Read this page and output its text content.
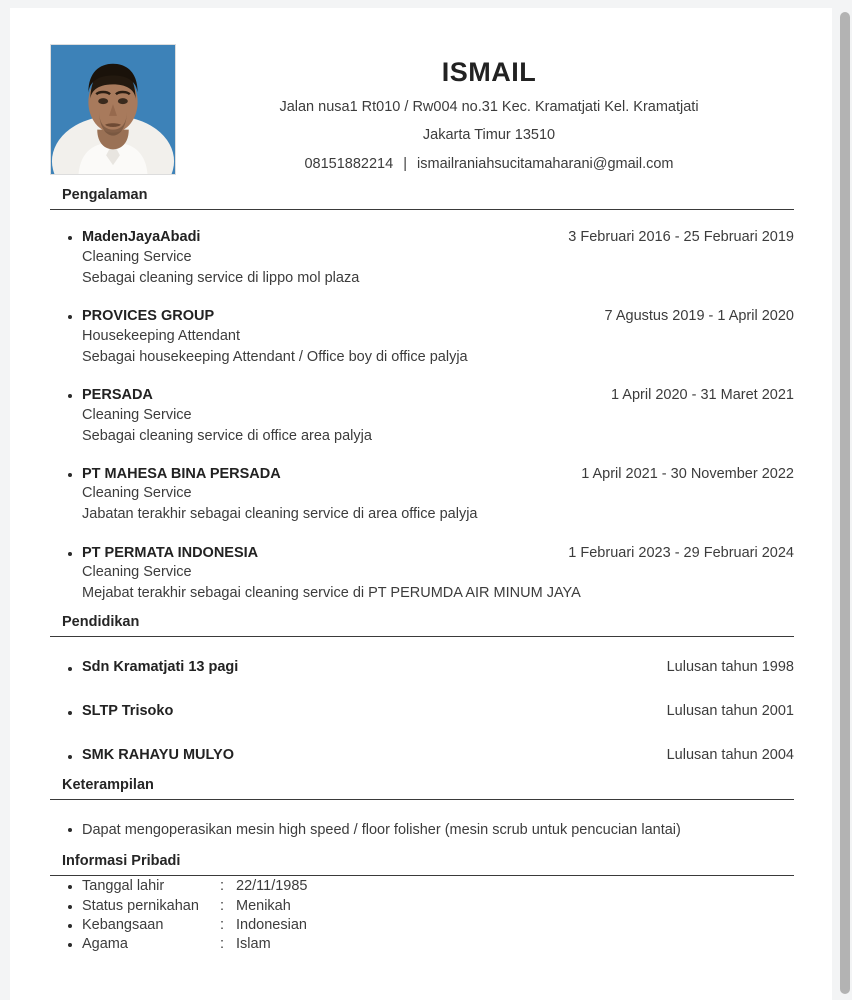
ISMAIL
Jalan nusa1 Rt010 / Rw004 no.31 Kec. Kramatjati Kel. Kramatjati
Jakarta Timur 13510
08151882214 | ismailraniahsucitamaharani@gmail.com
Pengalaman
MadenJayaAbadi	3 Februari 2016 - 25 Februari 2019
Cleaning Service
Sebagai cleaning service di lippo mol plaza
PROVICES GROUP	7 Agustus 2019 - 1 April 2020
Housekeeping Attendant
Sebagai housekeeping Attendant / Office boy di office palyja
PERSADA	1 April 2020 - 31 Maret 2021
Cleaning Service
Sebagai cleaning service di office area palyja
PT MAHESA BINA PERSADA	1 April 2021 - 30 November 2022
Cleaning Service
Jabatan terakhir sebagai cleaning service di area office palyja
PT PERMATA INDONESIA	1 Februari 2023 - 29 Februari 2024
Cleaning Service
Mejabat terakhir sebagai cleaning service di PT PERUMDA AIR MINUM JAYA
Pendidikan
Sdn Kramatjati 13 pagi	Lulusan tahun 1998
SLTP Trisoko	Lulusan tahun 2001
SMK RAHAYU MULYO	Lulusan tahun 2004
Keterampilan
Dapat mengoperasikan mesin high speed / floor folisher (mesin scrub untuk pencucian lantai)
Informasi Pribadi
Tanggal lahir	: 22/11/1985
Status pernikahan	: Menikah
Kebangsaan	: Indonesian
Agama	: Islam
